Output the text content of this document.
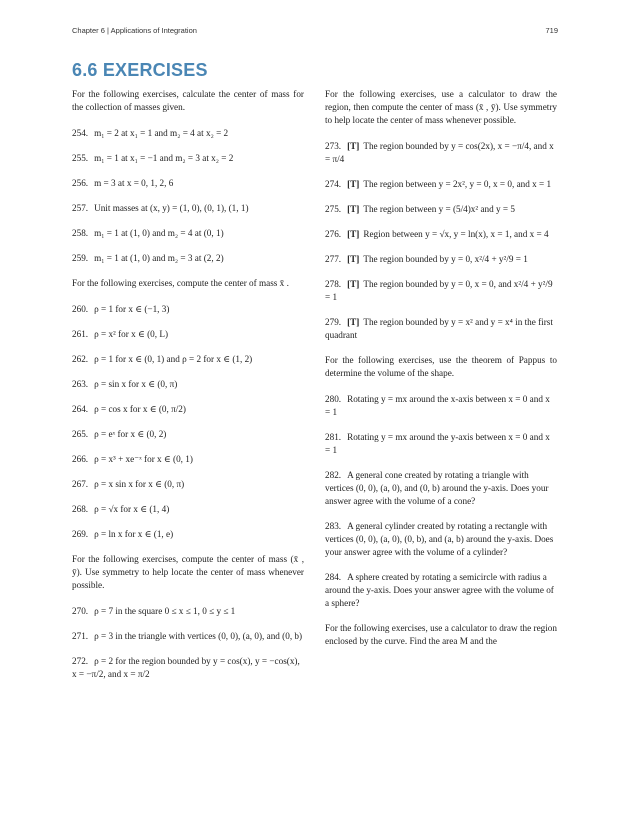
Chapter 6 | Applications of Integration	719
6.6 EXERCISES
For the following exercises, calculate the center of mass for the collection of masses given.
254. m₁ = 2 at x₁ = 1 and m₂ = 4 at x₂ = 2
255. m₁ = 1 at x₁ = −1 and m₂ = 3 at x₂ = 2
256. m = 3 at x = 0, 1, 2, 6
257. Unit masses at (x, y) = (1, 0), (0, 1), (1, 1)
258. m₁ = 1 at (1, 0) and m₂ = 4 at (0, 1)
259. m₁ = 1 at (1, 0) and m₂ = 3 at (2, 2)
For the following exercises, compute the center of mass x̄ .
260. ρ = 1 for x ∈ (−1, 3)
261. ρ = x² for x ∈ (0, L)
262. ρ = 1 for x ∈ (0, 1) and ρ = 2 for x ∈ (1, 2)
263. ρ = sin x for x ∈ (0, π)
264. ρ = cos x for x ∈ (0, π/2)
265. ρ = eˣ for x ∈ (0, 2)
266. ρ = x³ + xe⁻ˣ for x ∈ (0, 1)
267. ρ = x sin x for x ∈ (0, π)
268. ρ = √x for x ∈ (1, 4)
269. ρ = ln x for x ∈ (1, e)
For the following exercises, compute the center of mass (x̄ , ȳ). Use symmetry to help locate the center of mass whenever possible.
270. ρ = 7 in the square 0 ≤ x ≤ 1, 0 ≤ y ≤ 1
271. ρ = 3 in the triangle with vertices (0, 0), (a, 0), and (0, b)
272. ρ = 2 for the region bounded by y = cos(x), y = −cos(x), x = −π/2, and x = π/2
For the following exercises, use a calculator to draw the region, then compute the center of mass (x̄ , ȳ). Use symmetry to help locate the center of mass whenever possible.
273. [T] The region bounded by y = cos(2x), x = −π/4, and x = π/4
274. [T] The region between y = 2x², y = 0, x = 0, and x = 1
275. [T] The region between y = (5/4)x² and y = 5
276. [T] Region between y = √x, y = ln(x), x = 1, and x = 4
277. [T] The region bounded by y = 0, x²/4 + y²/9 = 1
278. [T] The region bounded by y = 0, x = 0, and x²/4 + y²/9 = 1
279. [T] The region bounded by y = x² and y = x⁴ in the first quadrant
For the following exercises, use the theorem of Pappus to determine the volume of the shape.
280. Rotating y = mx around the x-axis between x = 0 and x = 1
281. Rotating y = mx around the y-axis between x = 0 and x = 1
282. A general cone created by rotating a triangle with vertices (0, 0), (a, 0), and (0, b) around the y-axis. Does your answer agree with the volume of a cone?
283. A general cylinder created by rotating a rectangle with vertices (0, 0), (a, 0), (0, b), and (a, b) around the y-axis. Does your answer agree with the volume of a cylinder?
284. A sphere created by rotating a semicircle with radius a around the y-axis. Does your answer agree with the volume of a sphere?
For the following exercises, use a calculator to draw the region enclosed by the curve. Find the area M and the
